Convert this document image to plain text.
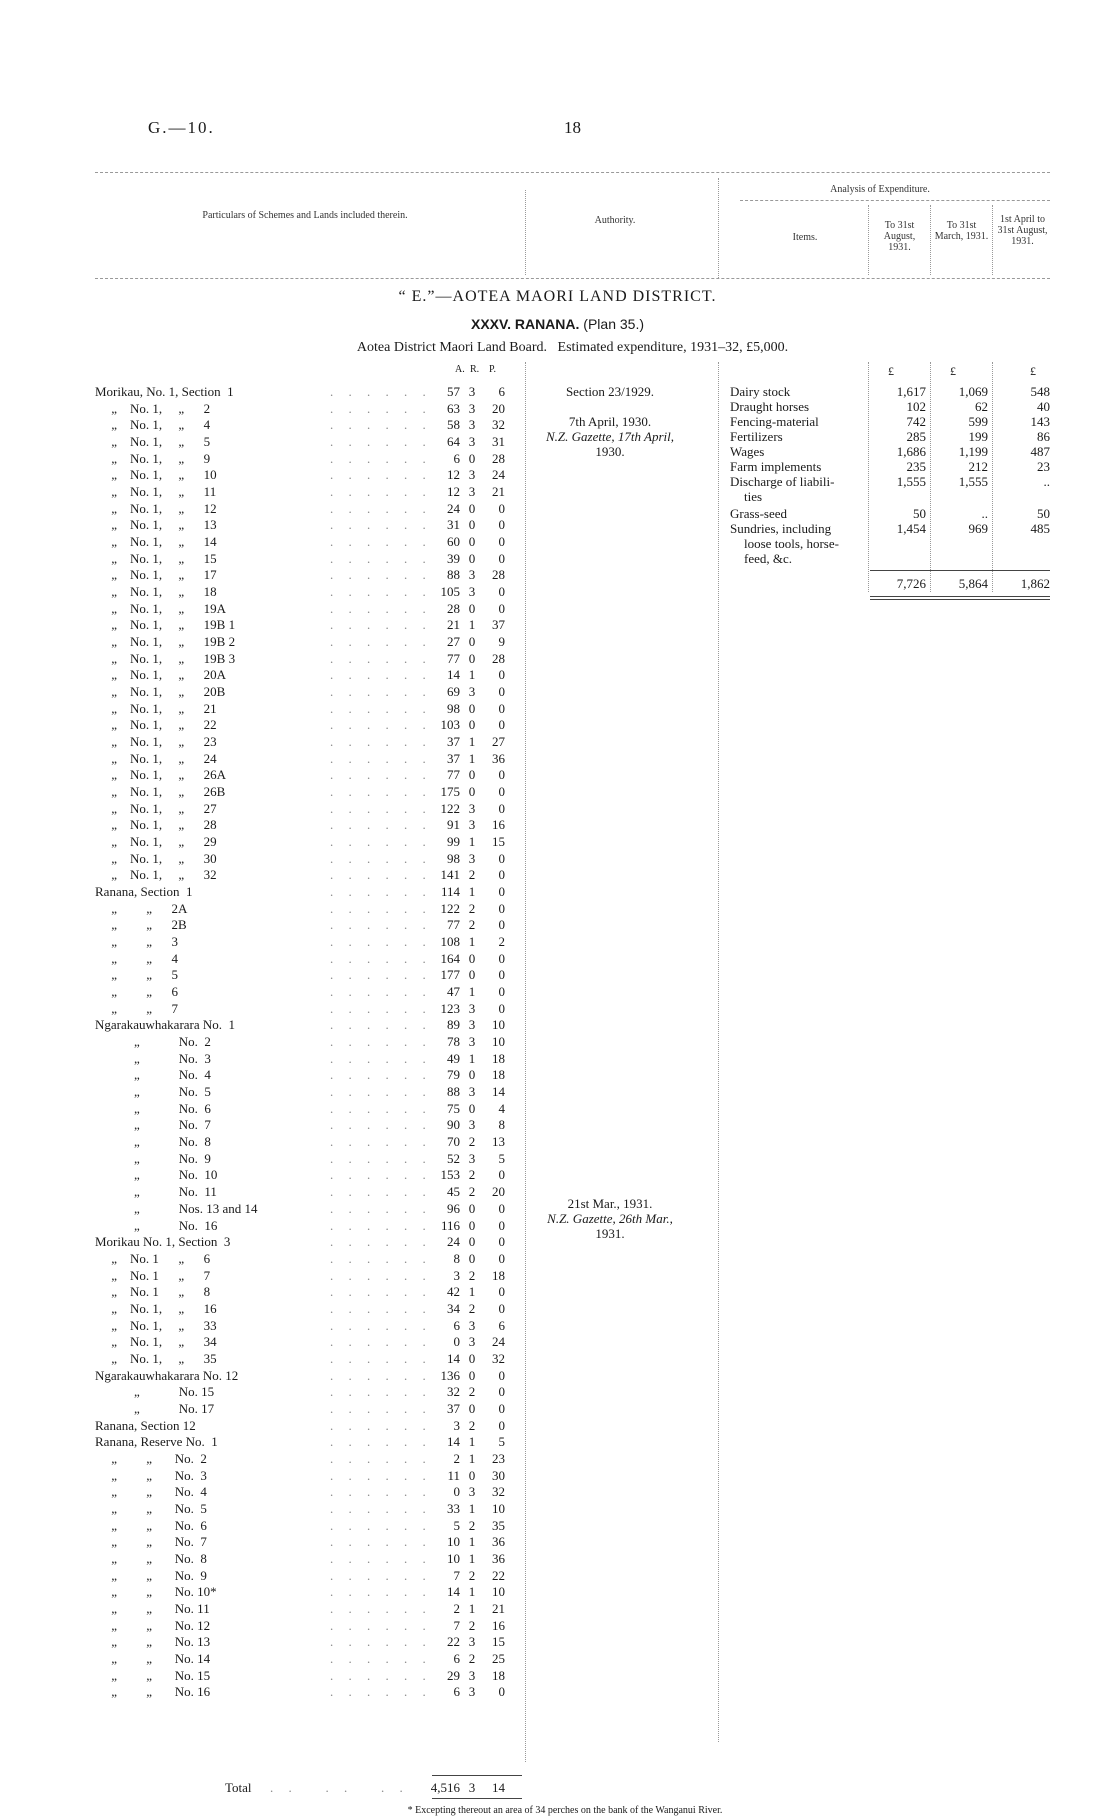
G.—10.	18
Particulars of Schemes and Lands included therein.	Authority.
Analysis of Expenditure.
Items.
To 31st August, 1931.
To 31st March, 1931.
1st April to 31st August, 1931.
“ E.”—AOTEA MAORI LAND DISTRICT.
XXXV. RANANA. (Plan 35.)
Aotea District Maori Land Board.   Estimated expenditure, 1931–32, £5,000.
A. R. P.	£	£	£
Morikau, No. 1, Section  1	. . . . . .	57 3	6
„    No. 1,     „      2	. . . . . .	63 3	20
„    No. 1,     „      4	. . . . . .	58 3	32
„    No. 1,     „      5	. . . . . .	64 3	31
„    No. 1,     „      9	. . . . . .	6 0	28
„    No. 1,     „      10	. . . . . .	12 3	24
„    No. 1,     „      11	. . . . . .	12 3	21
„    No. 1,     „      12	. . . . . .	24 0	0
„    No. 1,     „      13	. . . . . .	31 0	0
„    No. 1,     „      14	. . . . . .	60 0	0
„    No. 1,     „      15	. . . . . .	39 0	0
„    No. 1,     „      17	. . . . . .	88 3	28
„    No. 1,     „      18	. . . . . . 105 3	0
„    No. 1,     „      19A	. . . . . .	28 0	0
„    No. 1,     „      19B 1	. . . . . .	21 1	37
„    No. 1,     „      19B 2	. . . . . .	27 0	9
„    No. 1,     „      19B 3	. . . . . .	77 0	28
„    No. 1,     „      20A	. . . . . .	14 1	0
„    No. 1,     „      20B	. . . . . .	69 3	0
„    No. 1,     „      21	. . . . . .	98 0	0
„    No. 1,     „      22	. . . . . . 103 0	0
„    No. 1,     „      23	. . . . . .	37 1	27
„    No. 1,     „      24	. . . . . .	37 1	36
„    No. 1,     „      26A	. . . . . .	77 0	0
„    No. 1,     „      26B	. . . . . . 175 0	0
„    No. 1,     „      27	. . . . . . 122 3	0
„    No. 1,     „      28	. . . . . .	91 3	16
„    No. 1,     „      29	. . . . . .	99 1	15
„    No. 1,     „      30	. . . . . .	98 3	0
„    No. 1,     „      32	. . . . . . 141 2	0
Ranana, Section  1	. . . . . . 114 1	0
„         „      2A	. . . . . . 122 2	0
„         „      2B	. . . . . .	77 2	0
„         „      3	. . . . . . 108 1	2
„         „      4	. . . . . . 164 0	0
„         „      5	. . . . . . 177 0	0
„         „      6	. . . . . .	47 1	0
„         „      7	. . . . . . 123 3	0
Ngarakauwhakarara No.  1	. . . . . .	89 3	10
„            No.  2	. . . . . .	78 3	10
„            No.  3	. . . . . .	49 1	18
„            No.  4	. . . . . .	79 0	18
„            No.  5	. . . . . .	88 3	14
„            No.  6	. . . . . .	75 0	4
„            No.  7	. . . . . .	90 3	8
„            No.  8	. . . . . .	70 2	13
„            No.  9	. . . . . .	52 3	5
„            No.  10	. . . . . . 153 2	0
„            No.  11	. . . . . .	45 2	20
„            Nos. 13 and 14	. . . . . .	96 0	0
„            No.  16	. . . . . . 116 0	0
Morikau No. 1, Section  3	. . . . . .	24 0	0
„    No. 1      „      6	. . . . . .	8 0	0
„    No. 1      „      7	. . . . . .	3 2	18
„    No. 1      „      8	. . . . . .	42 1	0
„    No. 1,     „      16	. . . . . .	34 2	0
„    No. 1,     „      33	. . . . . .	6 3	6
„    No. 1,     „      34	. . . . . .	0 3	24
„    No. 1,     „      35	. . . . . .	14 0	32
Ngarakauwhakarara No. 12	. . . . . . 136 0	0
„            No. 15	. . . . . .	32 2	0
„            No. 17	. . . . . .	37 0	0
Ranana, Section 12	. . . . . .	3 2	0
Ranana, Reserve No.  1	. . . . . .	14 1	5
„         „       No.  2	. . . . . .	2 1	23
„         „       No.  3	. . . . . .	11 0	30
„         „       No.  4	. . . . . .	0 3	32
„         „       No.  5	. . . . . .	33 1	10
„         „       No.  6	. . . . . .	5 2	35
„         „       No.  7	. . . . . .	10 1	36
„         „       No.  8	. . . . . .	10 1	36
„         „       No.  9	. . . . . .	7 2	22
„         „       No. 10*	. . . . . .	14 1	10
„         „       No. 11	. . . . . .	2 1	21
„         „       No. 12	. . . . . .	7 2	16
„         „       No. 13	. . . . . .	22 3	15
„         „       No. 14	. . . . . .	6 2	25
„         „       No. 15	. . . . . .	29 3	18
„         „       No. 16	. . . . . .	6 3	0
Total . .   . .   . .	4,516 3	14
Section 23/1929.
7th April, 1930.
N.Z. Gazette, 17th April,
1930.
21st Mar., 1931.
N.Z. Gazette, 26th Mar.,
1931.
Dairy stock	1,617	1,069	548
Draught horses	102	62	40
Fencing-material	742	599	143
Fertilizers	285	199	86
Wages	1,686	1,199	487
Farm implements	235	212	23
Discharge of liabili-
ties
1,555	1,555	..
Grass-seed	50	..	50
Sundries, including
loose tools, horse-
feed, &c.
1,454	969	485
7,726	5,864	1,862
* Excepting thereout an area of 34 perches on the bank of the Wanganui River.
